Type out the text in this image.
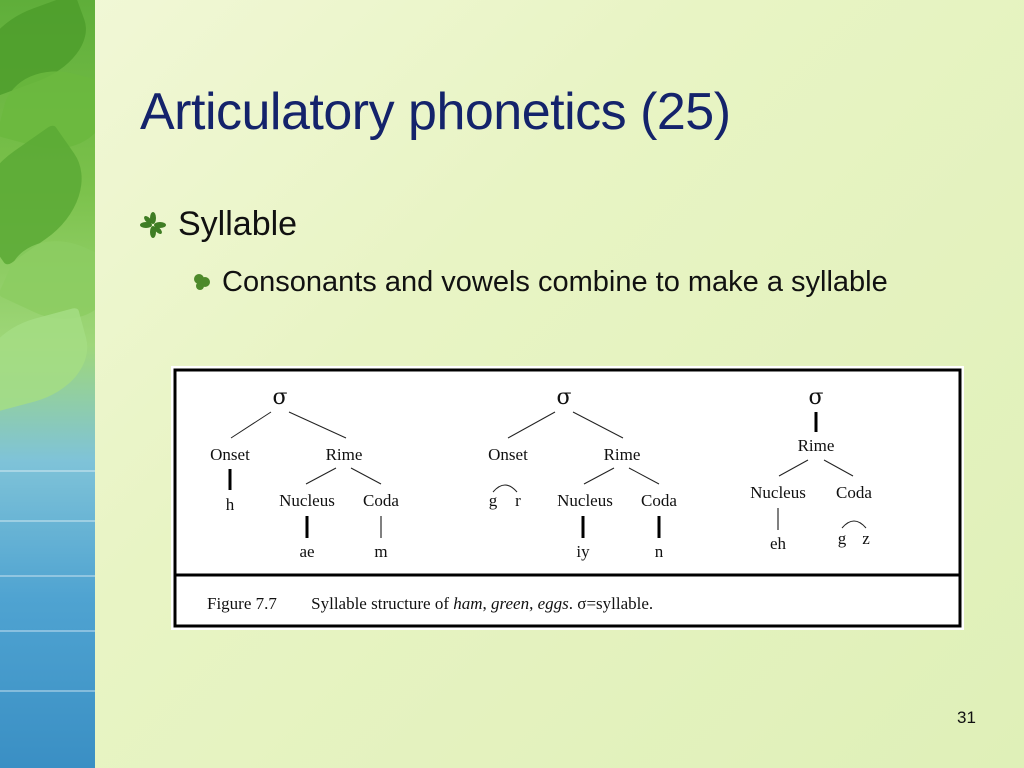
Articulatory phonetics (25)
Syllable
Consonants and vowels combine to make a syllable
σ
Onset	Rime
h	Nucleus Coda
ae	m
σ
Onset	Rime
g r Nucleus Coda
iy	n
σ
Rime
Nucleus Coda
eh	g z
Figure 7.7 Syllable structure of ham, green, eggs. σ=syllable.
31
